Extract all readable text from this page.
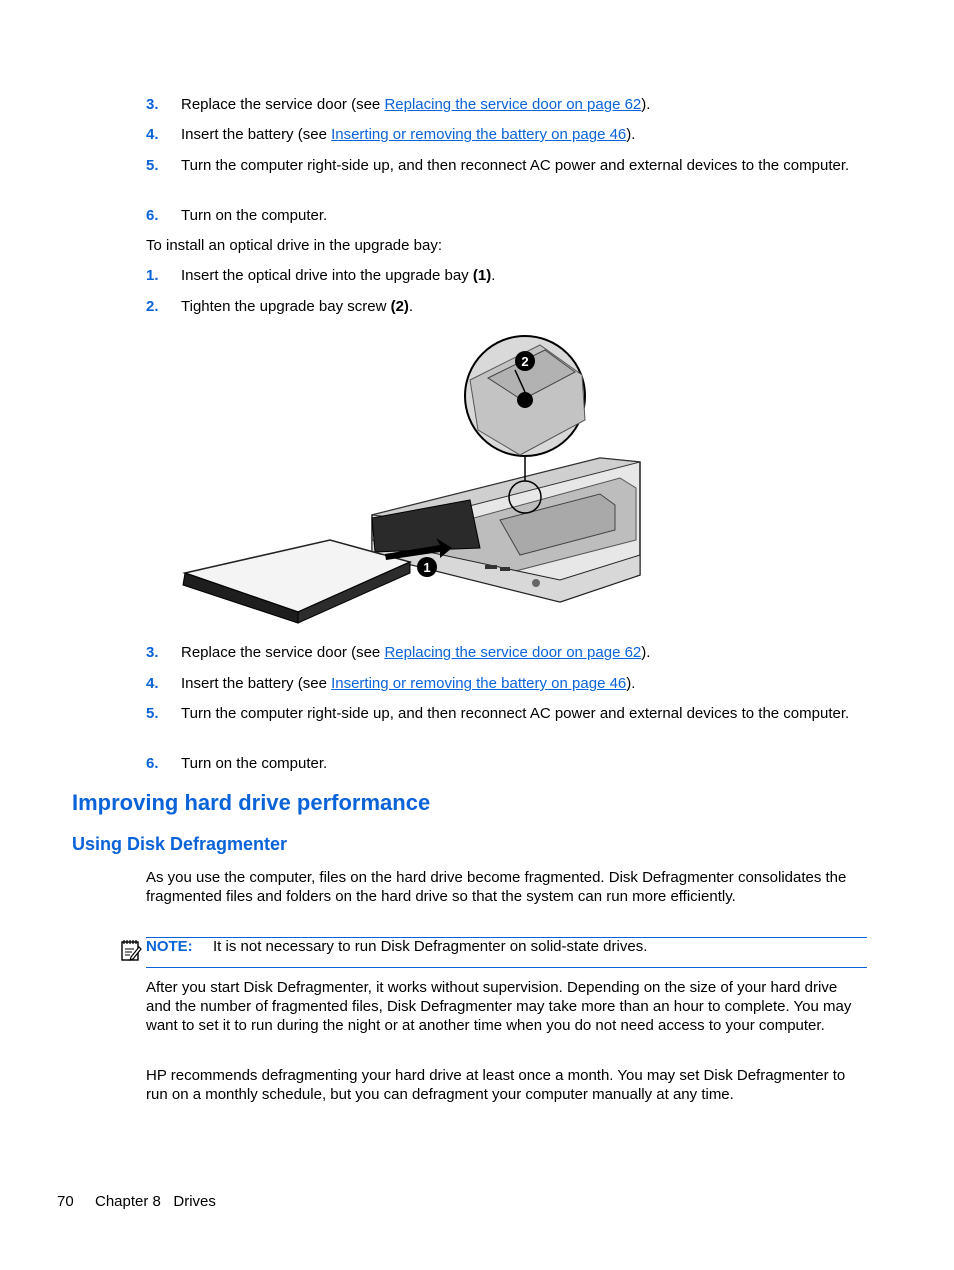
3. Replace the service door (see Replacing the service door on page 62).
4. Insert the battery (see Inserting or removing the battery on page 46).
5. Turn the computer right-side up, and then reconnect AC power and external devices to the computer.
6. Turn on the computer.
To install an optical drive in the upgrade bay:
1. Insert the optical drive into the upgrade bay (1).
2. Tighten the upgrade bay screw (2).
1
2
3. Replace the service door (see Replacing the service door on page 62).
4. Insert the battery (see Inserting or removing the battery on page 46).
5. Turn the computer right-side up, and then reconnect AC power and external devices to the computer.
6. Turn on the computer.
Improving hard drive performance
Using Disk Defragmenter
As you use the computer, files on the hard drive become fragmented. Disk Defragmenter consolidates the fragmented files and folders on the hard drive so that the system can run more efficiently.
NOTE: It is not necessary to run Disk Defragmenter on solid-state drives.
After you start Disk Defragmenter, it works without supervision. Depending on the size of your hard drive and the number of fragmented files, Disk Defragmenter may take more than an hour to complete. You may want to set it to run during the night or at another time when you do not need access to your computer.
HP recommends defragmenting your hard drive at least once a month. You may set Disk Defragmenter to run on a monthly schedule, but you can defragment your computer manually at any time.
70 Chapter 8   Drives
